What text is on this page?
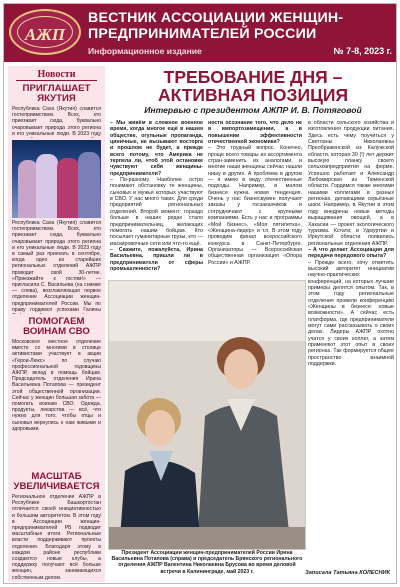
АЖП
ВЕСТНИК АССОЦИАЦИИ ЖЕНЩИН-ПРЕДПРИНИМАТЕЛЕЙ РОССИИ
Информационное издание	№ 7-8, 2023 г.
Новости
ПРИГЛАШАЕТ ЯКУТИЯ
Республика Саха (Якутия) славится гостеприимством. Всех, кто приезжает сюда, буквально очаровывает природа этого региона и его уникальные люди. В 2023 году
Республика Саха (Якутия) славится гостеприимством. Всех, кто приезжает сюда, буквально очаровывает природа этого региона и его уникальные люди. В 2023 году в самый раз приехать в сентябре, когда одно из старейших региональных отделений АЖПР проводит свой 30-летие. «Приезжайте к гостям!» — пригласила С. Васильева (на снимке — слева), возглавляющая первое отделение Ассоциации женщин-предпринимателей России. Мы по праву гордимся успехами Галины
ПОМОГАЕМ ВОИНАМ СВО
Московское местное отделение вместе со многими в столице активистами участвует в акции «Герои-Люкс» по случаю профессиональной годовщины АЖПР, вклад в помощь бойцам. Председатель отделения Ирина Васильевна Потапова — президент этой общественной организации. Сейчас у женщин большая забота — помогать воинам СВО. Одежда, продукты, лекарства — всё, что нужно для того, чтобы отцы и сыновья вернулись к нам живыми и здоровыми.
МАСШТАБ УВЕЛИЧИВАЕТСЯ
Региональное отделение АЖПР в Республике Башкортостан отличается своей инициативностью и большим авторитетом. В этом году в Ассоциации женщин-предпринимателей РБ подводит масштабные итоги. Региональные власти поддерживают проекты отделения. Благодаря этому в каждом районе республики создаются новые клубы, а поддержку получают всё больше женщин, занимающихся собственным делом.
ТРЕБОВАНИЕ ДНЯ –
АКТИВНАЯ ПОЗИЦИЯ
Интервью с президентом АЖПР И. В. Потяговой
– Мы живём в сложное военное время, когда многое ещё в нашем обществе, огульные пропаганда, циничные, не вызывают восторга и прошлом не будет, а прежде всего потому, что Америка не терпела ли, чтоб этой остановке чувствуют себя женщины-предприниматели?
– По-разному. Наиболее остро понимают обстановку те женщины, сыновья и мужья которых участвуют в СВО. У нас много таких. Для среди предприятий региональных отделений. Второй момент: гораздо больше в наших рядах стало предпринимательниц, желающих помогать нашим бойцам. Кто посылает гуманитарные грузы, кто — маскировочные сети или что-то ещё.
– Скажите, пожалуйста, Ирина Васильевна, пришли ли в предприниматели от сферы промышленности?
ности осознание того, что дело не в импортозамещении, а в повышении эффективности отечественной экономики?
– Это трудный вопрос. Конечно, проще всего товары из ассортимента стран-заменить их аналогами, и многие наши женщины сейчас нашли нишу в других. А проблема в другом — я имею в виду отечественные подходы. Например, в малом бизнесе нужна новая тенденция. Очень у нас бизнесвумен получают заказы у госзаказчиков и сотрудничают с крупными компаниями. Есть у нас и программы «Мой бизнес», «Моя пятилетка», «Женщина-лидер» и т.п. В этом году проводим финал всероссийского конкурса в Санкт-Петербурге. Организаторы — Всероссийская общественная организация «Опора России» и АЖПР.
в области сельского хозяйства и изготовления продукции питания. Здесь есть чему поучиться у Светланы Николаевны Преображенской из Калужской области, которая 30 (!) лет держит высокую планку своего сельхозпредприятия на ферме. Успешно работает и Александр Любомирская из Тюменской области. Гордимся также многими нашими коллегами в разных регионах, делающими серьёзные шаги. Например, в Якутии в этом году внедрены новые методы выращивания овощей, а в Хакасии — проект экологического туризма. Кстати, в Удмуртии и Иркутской области появились региональные отделения АЖПР.
– А что делает Ассоциация для передачи передового опыта?
– Прежде всего, хочу отметить высокий авторитет инициатив научно-практических конференций, на которых лучшие примеры делятся опытом. Так, в этом году региональные отделения провели конференцию «Женщины в бизнесе: новые возможности». А сейчас есть платформа, где предприниматели могут сами рассказывать о своих делах. Лидеры АЖПР охотно учатся у своих коллег, а затем применяют этот опыт в своих регионах. Так формируется общее пространство взаимной поддержки.
Президент Ассоциации женщин-предпринимателей России Ирина Васильевна Потапова (справа) и председатель Брянского регионального отделения АЖПР Валентина Николаевна Брусова во время деловой встречи в Калининграде, май 2023 г.	Записала Татьяна КОЛЕСНИК
